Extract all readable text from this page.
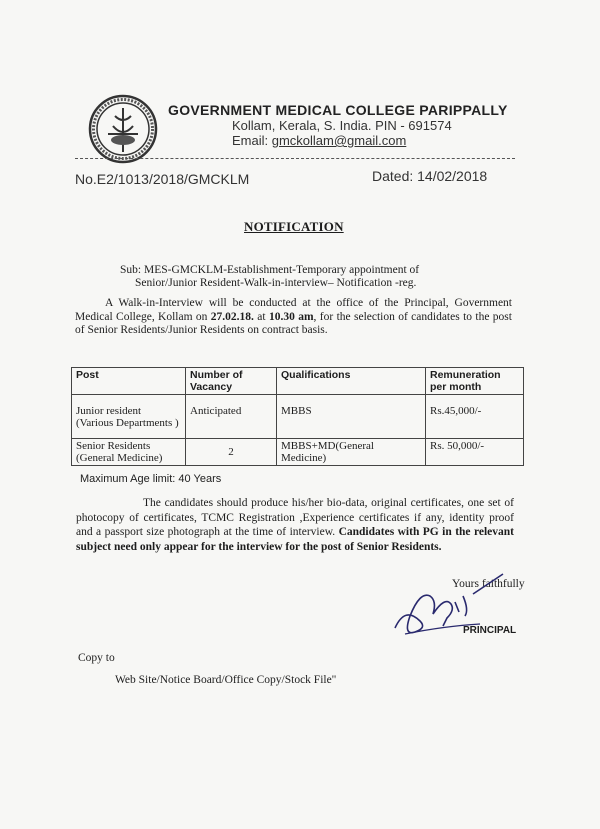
GOVERNMENT MEDICAL COLLEGE PARIPPALLY
Kollam, Kerala, S. India. PIN - 691574
Email: gmckollam@gmail.com
No.E2/1013/2018/GMCKLM	Dated: 14/02/2018
NOTIFICATION
Sub: MES-GMCKLM-Establishment-Temporary appointment of
Senior/Junior Resident-Walk-in-interview– Notification -reg.
A Walk-in-Interview will be conducted at the office of the Principal, Government Medical College, Kollam on 27.02.18. at 10.30 am, for the selection of candidates to the post of Senior Residents/Junior Residents on contract basis.
Post	Number of Vacancy	Qualifications	Remuneration per month
Junior resident (Various Departments )	Anticipated	MBBS	Rs.45,000/-
Senior Residents (General Medicine)	2	MBBS+MD(General Medicine)	Rs. 50,000/-
Maximum Age limit: 40 Years
The candidates should produce his/her bio-data, original certificates, one set of photocopy of certificates, TCMC Registration ,Experience certificates if any, identity proof and a passport size photograph at the time of interview. Candidates with PG in the relevant subject need only appear for the interview for the post of Senior Residents.
Yours faithfully
PRINCIPAL
Copy to
Web Site/Notice Board/Office Copy/Stock File"
